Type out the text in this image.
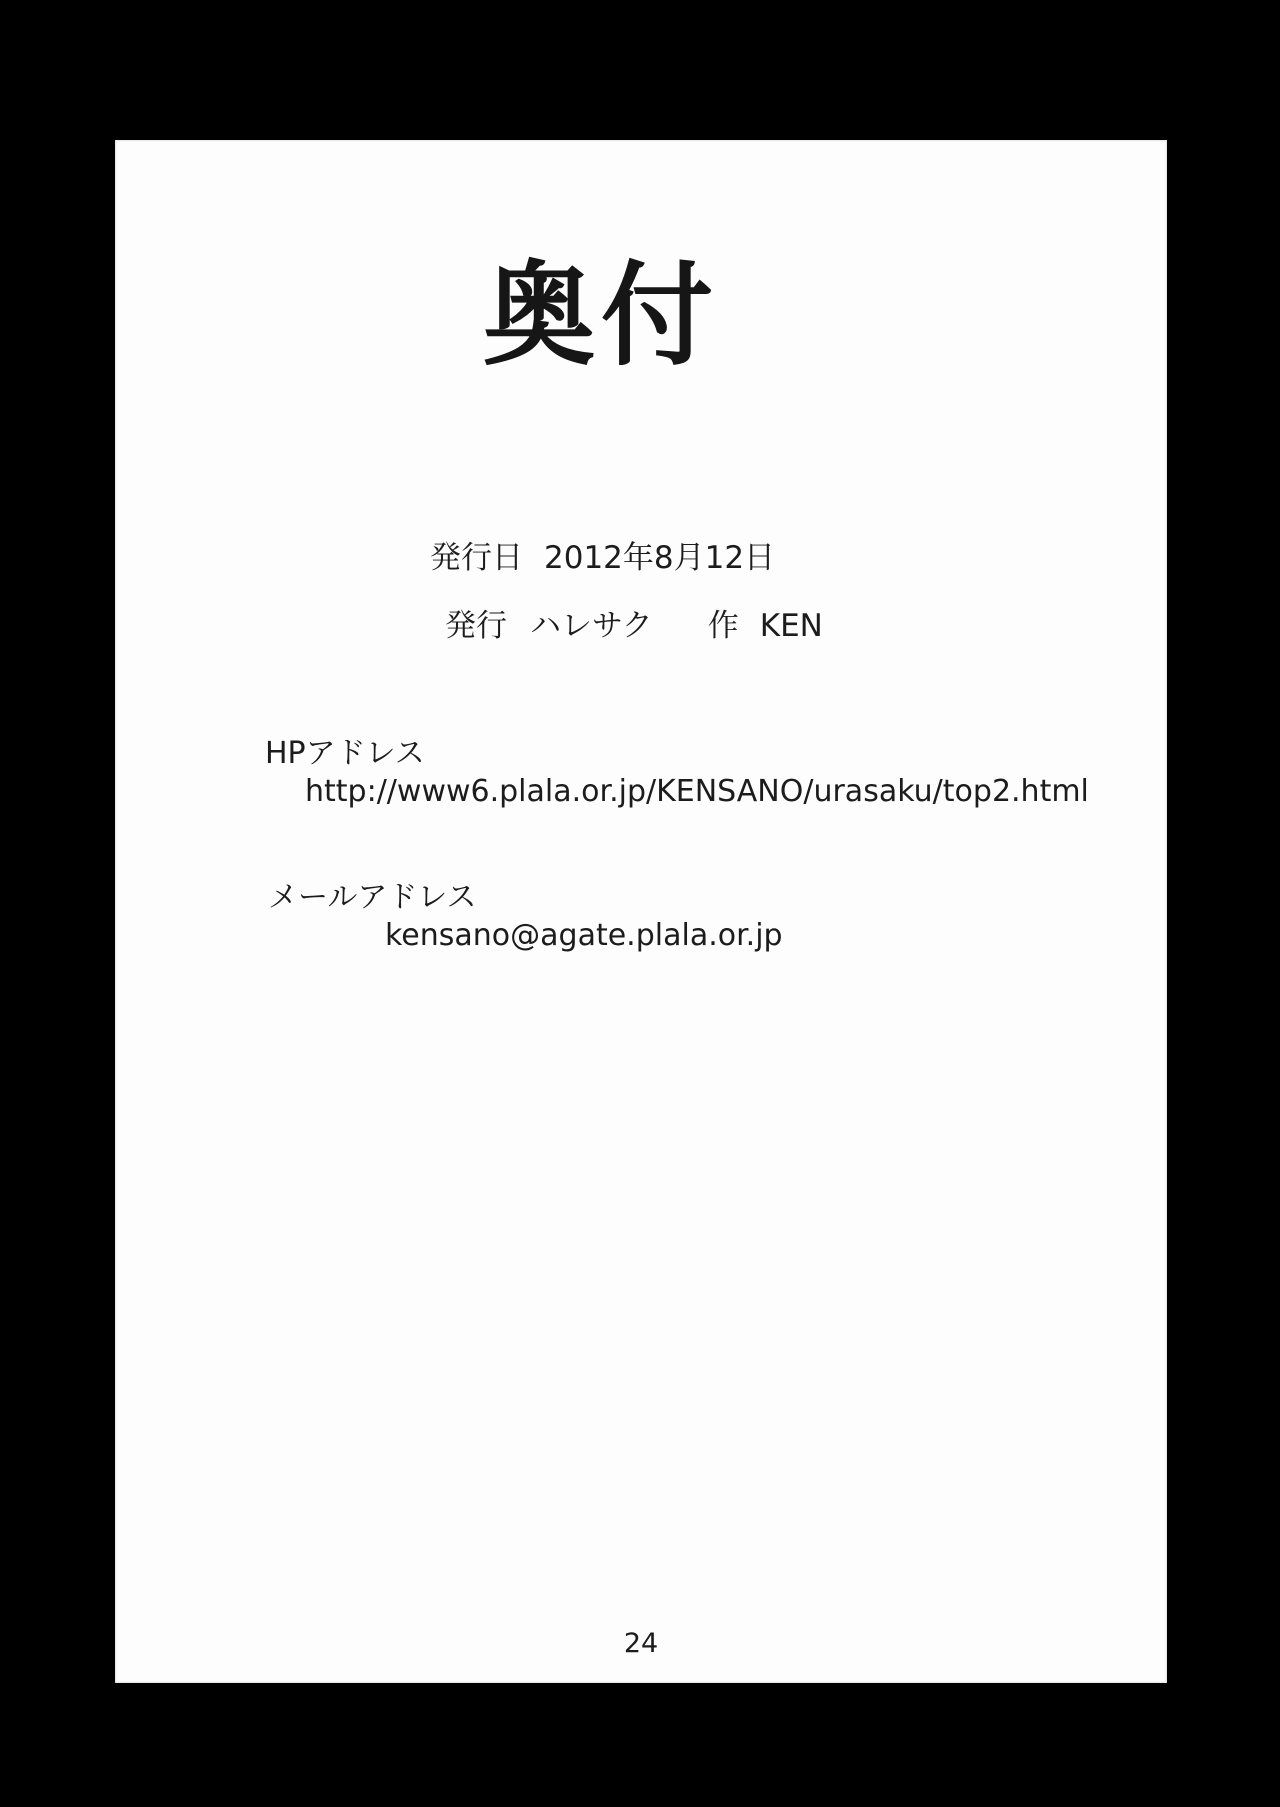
奥付
発行日 2012年8月12日
発行 ハレサク 作 KEN
HPアドレス
http://www6.plala.or.jp/KENSANO/urasaku/top2.html
メールアドレス
kensano@agate.plala.or.jp
24
